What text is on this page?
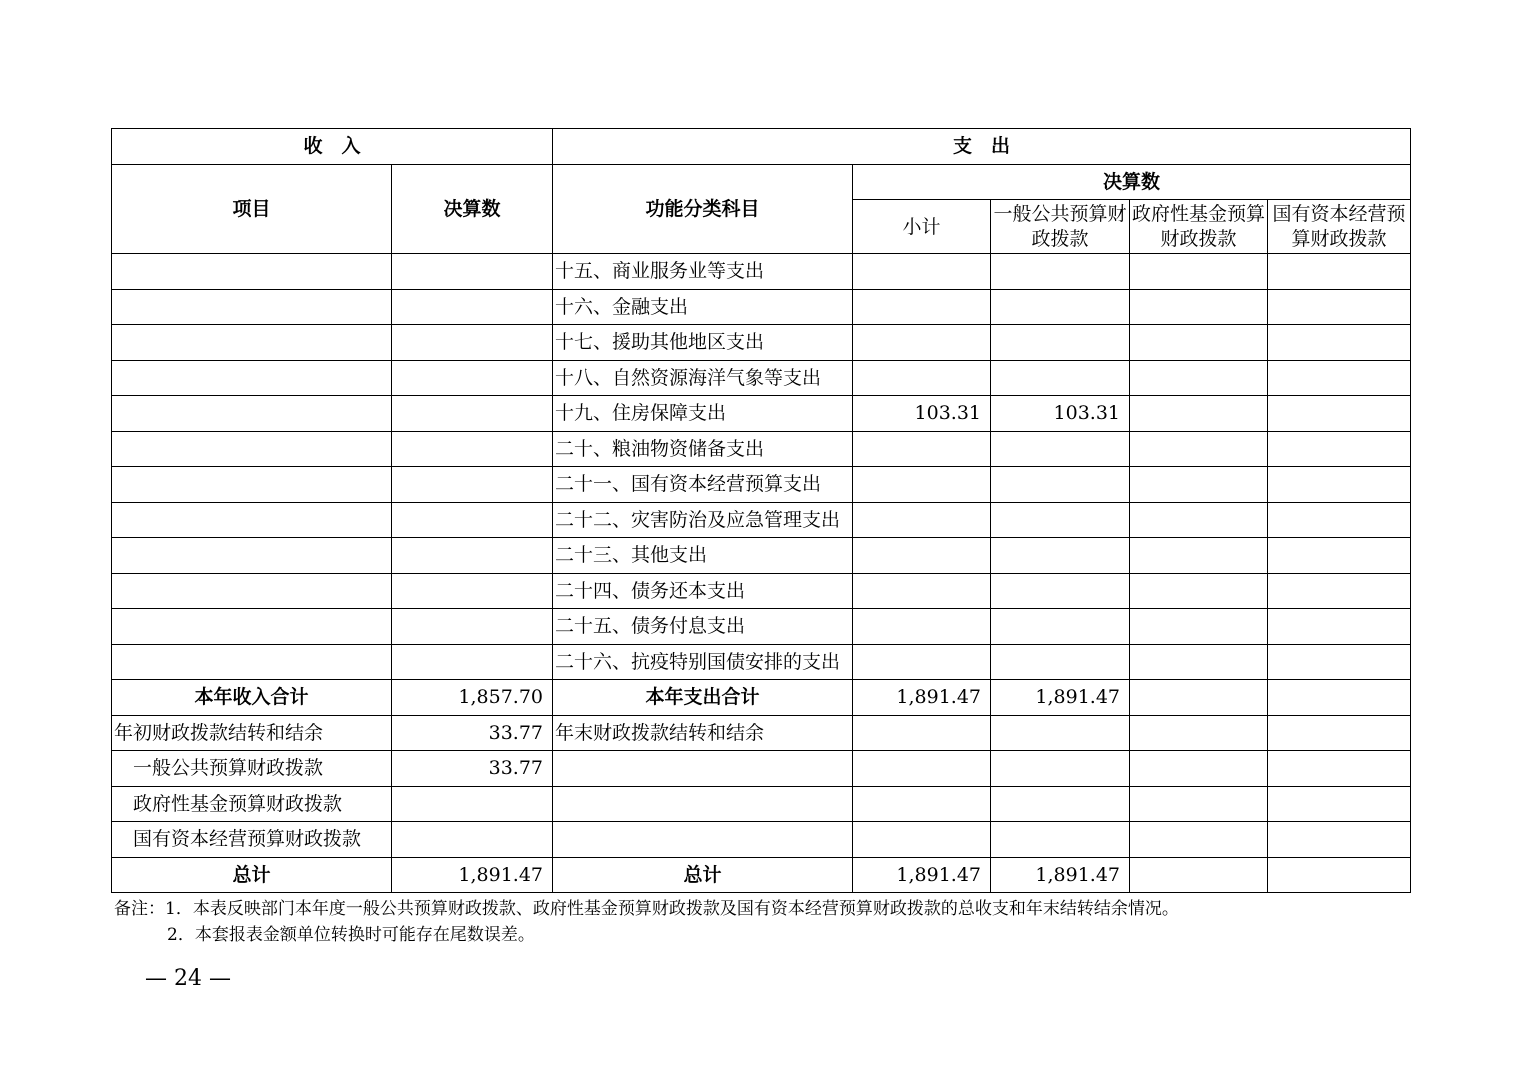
收　入		支　出				
项目	决算数	功能分类科目	决算数			
			小计	一般公共预算财政拨款	政府性基金预算财政拨款	国有资本经营预算财政拨款
		十五、商业服务业等支出				
		十六、金融支出				
		十七、援助其他地区支出				
		十八、自然资源海洋气象等支出				
		十九、住房保障支出	103.31	103.31		
		二十、粮油物资储备支出				
		二十一、国有资本经营预算支出				
		二十二、灾害防治及应急管理支出				
		二十三、其他支出				
		二十四、债务还本支出				
		二十五、债务付息支出				
		二十六、抗疫特别国债安排的支出				
本年收入合计	1,857.70	本年支出合计	1,891.47	1,891.47		
年初财政拨款结转和结余	33.77	年末财政拨款结转和结余				
一般公共预算财政拨款	33.77					
政府性基金预算财政拨款						
国有资本经营预算财政拨款						
总计	1,891.47	总计	1,891.47	1,891.47		
备注：1．本表反映部门本年度一般公共预算财政拨款、政府性基金预算财政拨款及国有资本经营预算财政拨款的总收支和年末结转结余情况。
2．本套报表金额单位转换时可能存在尾数误差。
— 24 —
